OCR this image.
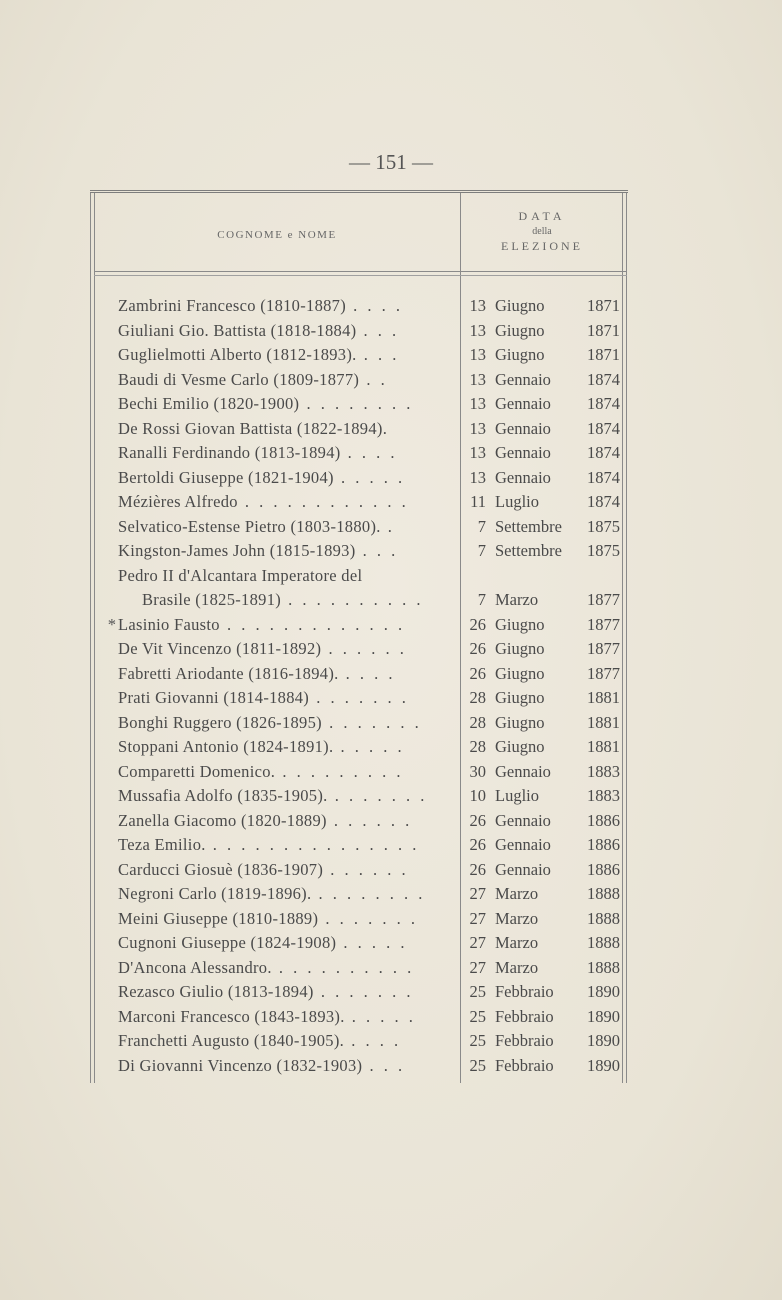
— 151 —
COGNOME e NOME
DATA
della
ELEZIONE
Zambrini Francesco (1810-1887) . . . .	13 Giugno	1871
Giuliani Gio. Battista (1818-1884) . . .	13 Giugno	1871
Guglielmotti Alberto (1812-1893). . . .	13 Giugno	1871
Baudi di Vesme Carlo (1809-1877) . .	13 Gennaio 1874
Bechi Emilio (1820-1900) . . . . . . . .	13 Gennaio 1874
De Rossi Giovan Battista (1822-1894).	13 Gennaio 1874
Ranalli Ferdinando (1813-1894) . . . .	13 Gennaio 1874
Bertoldi Giuseppe (1821-1904) . . . . .	13 Gennaio 1874
Mézières Alfredo . . . . . . . . . . . .	11 Luglio	1874
Selvatico-Estense Pietro (1803-1880). .	7 Settembre 1875
Kingston-James John (1815-1893) . . .	7 Settembre 1875
Pedro II d'Alcantara Imperatore del
Brasile (1825-1891) . . . . . . . . . .	7 Marzo	1877
* Lasinio Fausto . . . . . . . . . . . . .	26 Giugno	1877
De Vit Vincenzo (1811-1892) . . . . . .	26 Giugno	1877
Fabretti Ariodante (1816-1894). . . . .	26 Giugno	1877
Prati Giovanni (1814-1884) . . . . . . .	28 Giugno	1881
Bonghi Ruggero (1826-1895) . . . . . . .	28 Giugno	1881
Stoppani Antonio (1824-1891). . . . . .	28 Giugno	1881
Comparetti Domenico. . . . . . . . . .	30 Gennaio 1883
Mussafia Adolfo (1835-1905). . . . . . . .	10 Luglio	1883
Zanella Giacomo (1820-1889) . . . . . .	26 Gennaio 1886
Teza Emilio. . . . . . . . . . . . . . . .	26 Gennaio 1886
Carducci Giosuè (1836-1907) . . . . . .	26 Gennaio 1886
Negroni Carlo (1819-1896). . . . . . . . .	27 Marzo	1888
Meini Giuseppe (1810-1889) . . . . . . .	27 Marzo	1888
Cugnoni Giuseppe (1824-1908) . . . . .	27 Marzo	1888
D'Ancona Alessandro. . . . . . . . . . .	27 Marzo	1888
Rezasco Giulio (1813-1894) . . . . . . .	25 Febbraio 1890
Marconi Francesco (1843-1893). . . . . .	25 Febbraio 1890
Franchetti Augusto (1840-1905). . . . .	25 Febbraio 1890
Di Giovanni Vincenzo (1832-1903) . . .	25 Febbraio 1890
